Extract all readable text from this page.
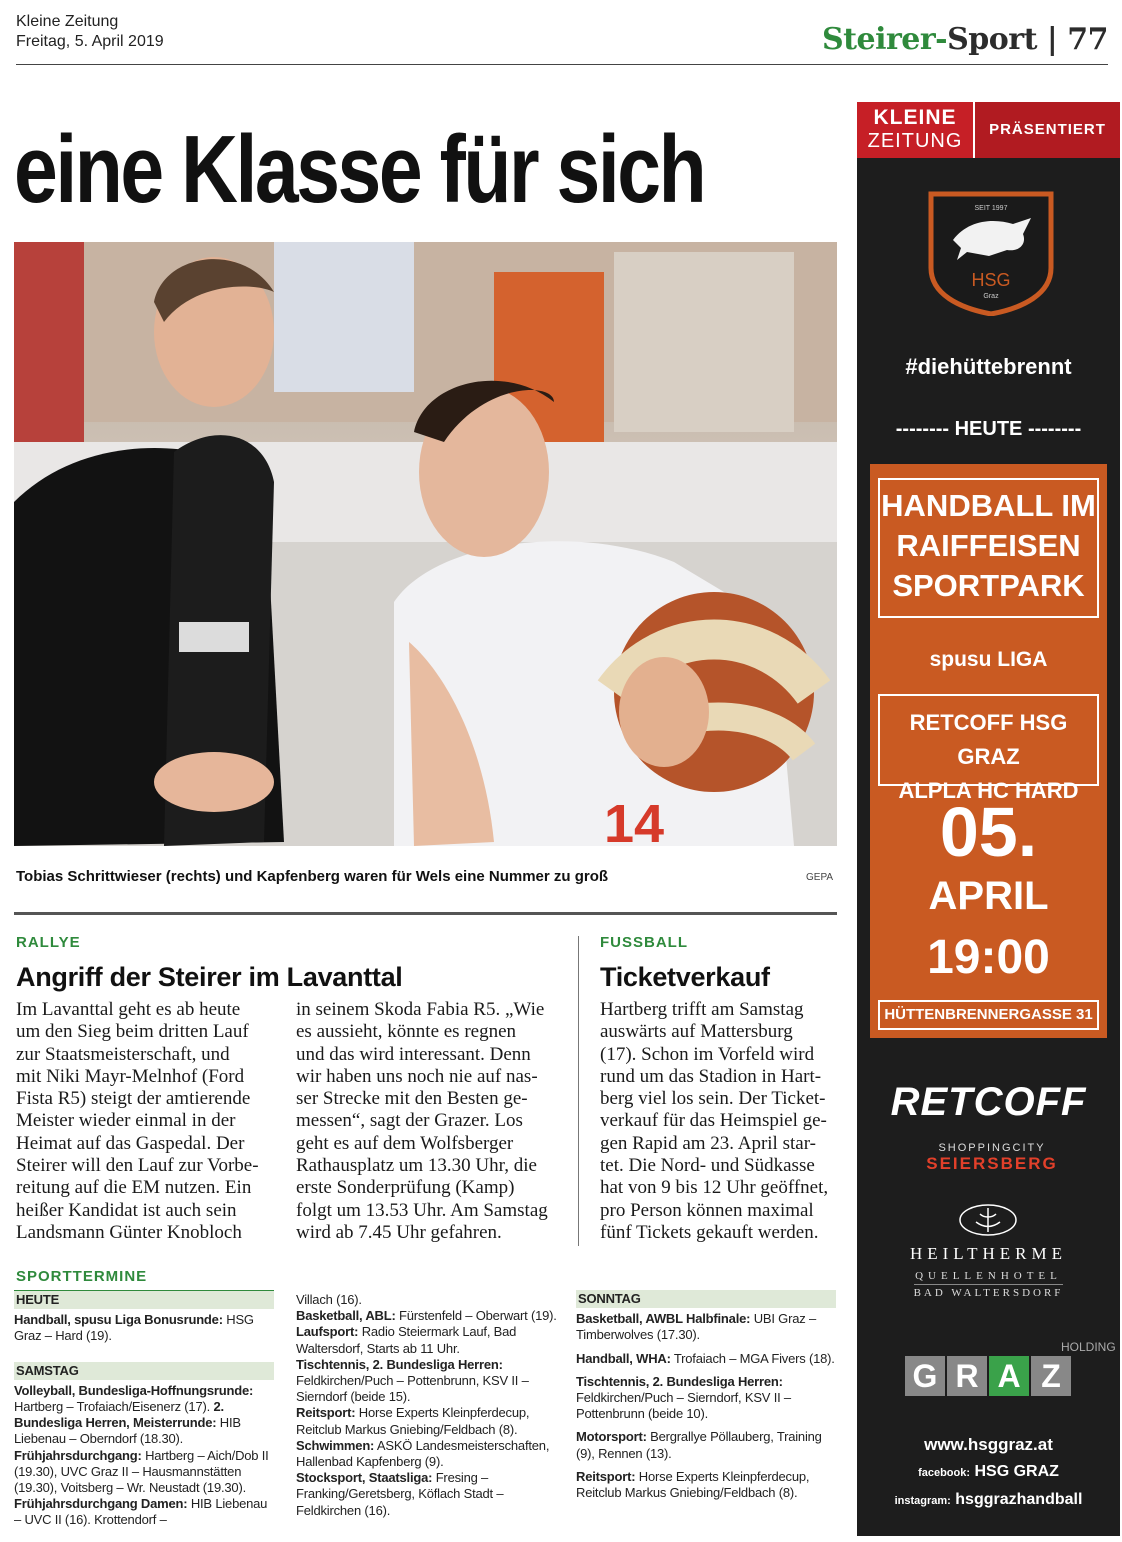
Kleine Zeitung
Freitag, 5. April 2019	Steirer-Sport | 77
eine Klasse für sich
14
Tobias Schrittwieser (rechts) und Kapfenberg waren für Wels eine Nummer zu groß	GEPA
RALLYE
Angriff der Steirer im Lavanttal
Im Lavanttal geht es ab heute
um den Sieg beim dritten Lauf
zur Staatsmeisterschaft, und
mit Niki Mayr-Melnhof (Ford
Fista R5) steigt der amtierende
Meister wieder einmal in der
Heimat auf das Gaspedal. Der
Steirer will den Lauf zur Vorbe-
reitung auf die EM nutzen. Ein
heißer Kandidat ist auch sein
Landsmann Günter Knobloch
in seinem Skoda Fabia R5. „Wie
es aussieht, könnte es regnen
und das wird interessant. Denn
wir haben uns noch nie auf nas-
ser Strecke mit den Besten ge-
messen“, sagt der Grazer. Los
geht es auf dem Wolfsberger
Rathausplatz um 13.30 Uhr, die
erste Sonderprüfung (Kamp)
folgt um 13.53 Uhr. Am Samstag
wird ab 7.45 Uhr gefahren.
FUSSBALL
Ticketverkauf
Hartberg trifft am Samstag
auswärts auf Mattersburg
(17). Schon im Vorfeld wird
rund um das Stadion in Hart-
berg viel los sein. Der Ticket-
verkauf für das Heimspiel ge-
gen Rapid am 23. April star-
tet. Die Nord- und Südkasse
hat von 9 bis 12 Uhr geöffnet,
pro Person können maximal
fünf Tickets gekauft werden.
SPORTTERMINE
HEUTE

Handball, spusu Liga Bonusrunde: HSG Graz – Hard (19).

SAMSTAG

Volleyball, Bundesliga-Hoffnungsrunde: Hartberg – Trofaiach/Eisenerz (17). 2. Bundesliga Herren, Meisterrunde: HIB Liebenau – Oberndorf (18.30). Frühjahrsdurchgang: Hartberg – Aich/Dob II (19.30), UVC Graz II – Hausmannstätten (19.30), Voitsberg – Wr. Neustadt (19.30). Frühjahrsdurchgang Damen: HIB Liebenau – UVC II (16). Krottendorf –

Villach (16).

Basketball, ABL: Fürstenfeld – Oberwart (19).

Laufsport: Radio Steiermark Lauf, Bad Waltersdorf, Starts ab 11 Uhr.

Tischtennis, 2. Bundesliga Herren: Feldkirchen/Puch – Pottenbrunn, KSV II – Sierndorf (beide 15).

Reitsport: Horse Experts Kleinpferdecup, Reitclub Markus Gniebing/Feldbach (8).

Schwimmen: ASKÖ Landesmeisterschaften, Hallenbad Kapfenberg (9).

Stocksport, Staatsliga: Fresing – Franking/Geretsberg, Köflach Stadt – Feldkirchen (16).

SONNTAG

Basketball, AWBL Halbfinale: UBI Graz – Timberwolves (17.30).

Handball, WHA: Trofaiach – MGA Fivers (18).

Tischtennis, 2. Bundesliga Herren: Feldkirchen/Puch – Sierndorf, KSV II – Pottenbrunn (beide 10).

Motorsport: Bergrallye Pöllauberg, Training (9), Rennen (13).

Reitsport: Horse Experts Kleinpferdecup, Reitclub Markus Gniebing/Feldbach (8).

KLEINE
ZEITUNG
PRÄSENTIERT
SEIT 1997
HSG
Graz
#diehüttebrennt
-------- HEUTE --------
HANDBALL IM
RAIFFEISEN
SPORTPARK
spusu LIGA
RETCOFF HSG GRAZ
ALPLA HC HARD
05.
APRIL
19:00
HÜTTENBRENNERGASSE 31
RETCOFF
SHOPPINGCITY
SEIERSBERG
HEILTHERME
QUELLENHOTEL
BAD WALTERSDORF
HOLDING
G R A Z
www.hsggraz.at
facebook: HSG GRAZ
instagram: hsggrazhandball
